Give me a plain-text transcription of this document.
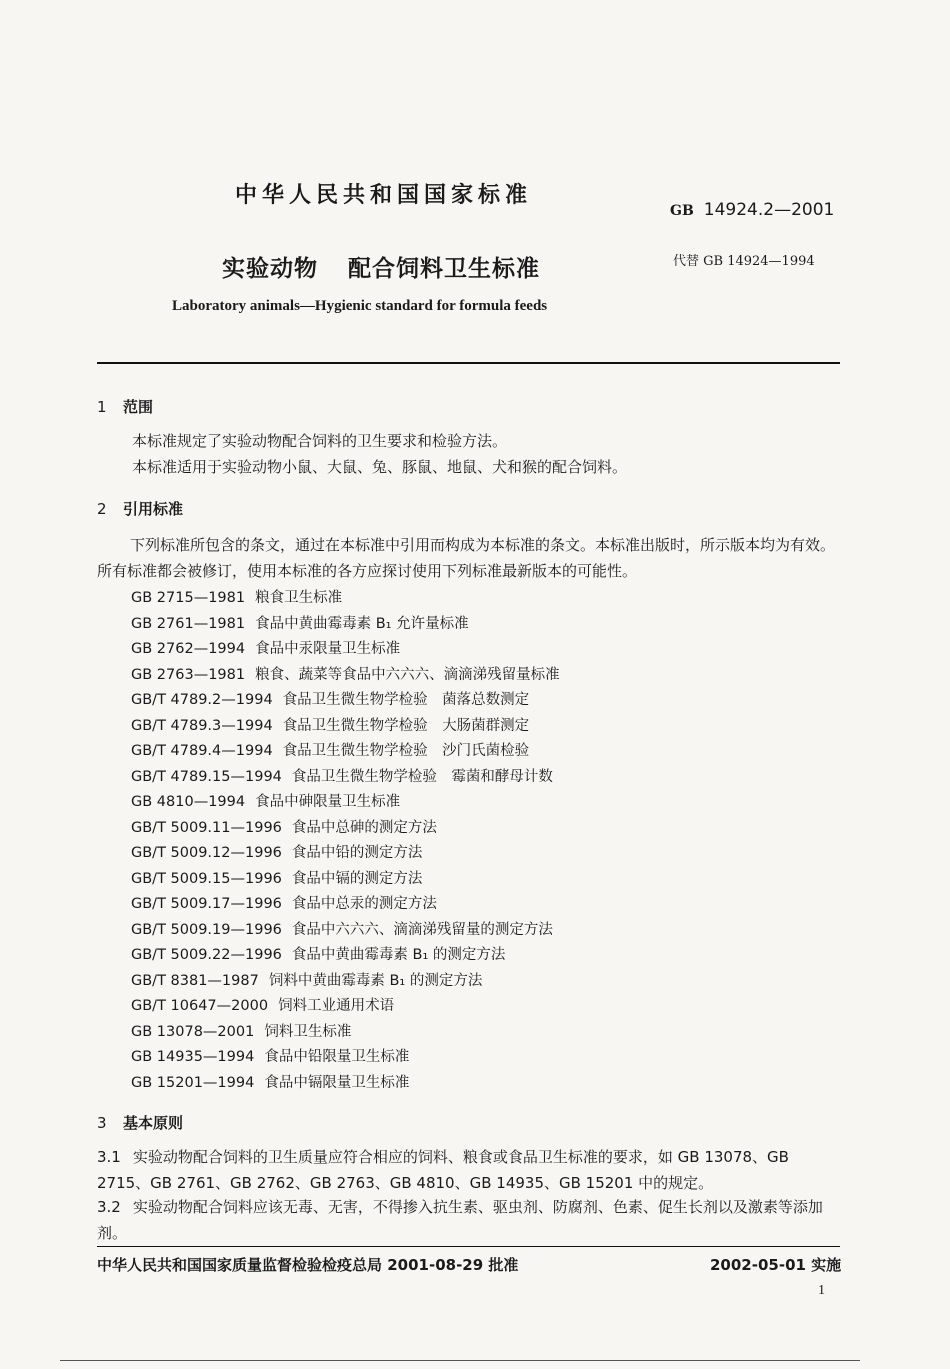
中华人民共和国国家标准
GB 14924.2—2001
实验动物 配合饲料卫生标准	代替 GB 14924—1994
Laboratory animals—Hygienic standard for formula feeds
1 范围
本标准规定了实验动物配合饲料的卫生要求和检验方法。
本标准适用于实验动物小鼠、大鼠、兔、豚鼠、地鼠、犬和猴的配合饲料。
2 引用标准
下列标准所包含的条文，通过在本标准中引用而构成为本标准的条文。本标准出版时，所示版本均为有效。所有标准都会被修订，使用本标准的各方应探讨使用下列标准最新版本的可能性。
GB 2715—1981 粮食卫生标准
GB 2761—1981 食品中黄曲霉毒素 B₁ 允许量标准
GB 2762—1994 食品中汞限量卫生标准
GB 2763—1981 粮食、蔬菜等食品中六六六、滴滴涕残留量标准
GB/T 4789.2—1994 食品卫生微生物学检验　菌落总数测定
GB/T 4789.3—1994 食品卫生微生物学检验　大肠菌群测定
GB/T 4789.4—1994 食品卫生微生物学检验　沙门氏菌检验
GB/T 4789.15—1994 食品卫生微生物学检验　霉菌和酵母计数
GB 4810—1994 食品中砷限量卫生标准
GB/T 5009.11—1996 食品中总砷的测定方法
GB/T 5009.12—1996 食品中铅的测定方法
GB/T 5009.15—1996 食品中镉的测定方法
GB/T 5009.17—1996 食品中总汞的测定方法
GB/T 5009.19—1996 食品中六六六、滴滴涕残留量的测定方法
GB/T 5009.22—1996 食品中黄曲霉毒素 B₁ 的测定方法
GB/T 8381—1987 饲料中黄曲霉毒素 B₁ 的测定方法
GB/T 10647—2000 饲料工业通用术语
GB 13078—2001 饲料卫生标准
GB 14935—1994 食品中铅限量卫生标准
GB 15201—1994 食品中镉限量卫生标准
3 基本原则
3.1 实验动物配合饲料的卫生质量应符合相应的饲料、粮食或食品卫生标准的要求，如 GB 13078、GB 2715、GB 2761、GB 2762、GB 2763、GB 4810、GB 14935、GB 15201 中的规定。
3.2 实验动物配合饲料应该无毒、无害，不得掺入抗生素、驱虫剂、防腐剂、色素、促生长剂以及激素等添加剂。
中华人民共和国国家质量监督检验检疫总局 2001-08-29 批准	2002-05-01 实施
1
